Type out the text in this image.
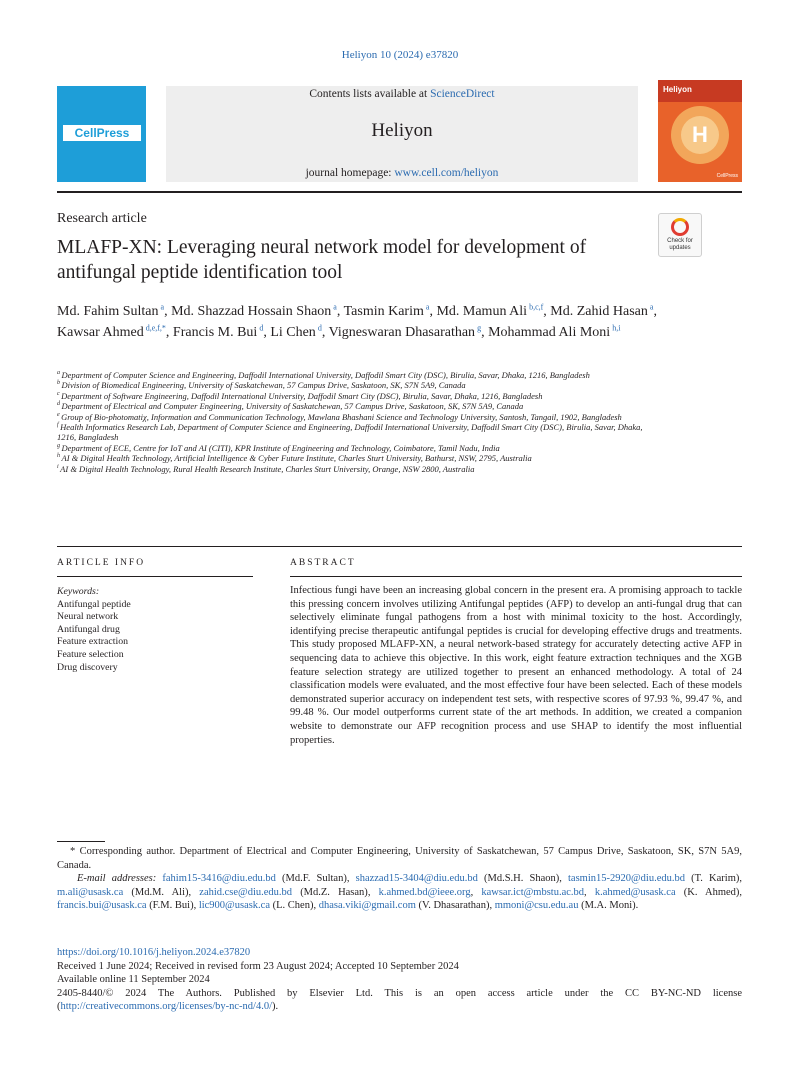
Heliyon 10 (2024) e37820
CellPress
Contents lists available at ScienceDirect
Heliyon
journal homepage: www.cell.com/heliyon
Heliyon
H
CellPress
Research article
MLAFP-XN: Leveraging neural network model for development of antifungal peptide identification tool
Check for updates
Md. Fahim Sultan $^a$, Md. Shazzad Hossain Shaon $^a$, Tasmin Karim $^a$, Md. Mamun Ali $^{b,c,f}$, Md. Zahid Hasan $^a$, Kawsar Ahmed $^{d,e,f,*}$, Francis M. Bui $^d$, Li Chen $^d$, Vigneswaran Dhasarathan $^g$, Mohammad Ali Moni $^{h,i}$
$^a$ Department of Computer Science and Engineering, Daffodil International University, Daffodil Smart City (DSC), Birulia, Savar, Dhaka, 1216, Bangladesh
$^b$ Division of Biomedical Engineering, University of Saskatchewan, 57 Campus Drive, Saskatoon, SK, S7N 5A9, Canada
$^c$ Department of Software Engineering, Daffodil International University, Daffodil Smart City (DSC), Birulia, Savar, Dhaka, 1216, Bangladesh
$^d$ Department of Electrical and Computer Engineering, University of Saskatchewan, 57 Campus Drive, Saskatoon, SK, S7N 5A9, Canada
$^e$ Group of Bio-photomatiχ, Information and Communication Technology, Mawlana Bhashani Science and Technology University, Santosh, Tangail, 1902, Bangladesh
$^f$ Health Informatics Research Lab, Department of Computer Science and Engineering, Daffodil International University, Daffodil Smart City (DSC), Birulia, Savar, Dhaka, 1216, Bangladesh
$^g$ Department of ECE, Centre for IoT and AI (CITI), KPR Institute of Engineering and Technology, Coimbatore, Tamil Nadu, India
$^h$ AI & Digital Health Technology, Artificial Intelligence & Cyber Future Institute, Charles Sturt University, Bathurst, NSW, 2795, Australia
$^i$ AI & Digital Health Technology, Rural Health Research Institute, Charles Sturt University, Orange, NSW 2800, Australia
ARTICLE INFO
Keywords:
Antifungal peptide
Neural network
Antifungal drug
Feature extraction
Feature selection
Drug discovery
ABSTRACT
Infectious fungi have been an increasing global concern in the present era. A promising approach to tackle this pressing concern involves utilizing Antifungal peptides (AFP) to develop an anti-fungal drug that can selectively eliminate fungal pathogens from a host with minimal toxicity to the host. Accordingly, identifying precise therapeutic antifungal peptides is crucial for developing effective drugs and treatments. This study proposed MLAFP-XN, a neural network-based strategy for accurately detecting active AFP in sequencing data to achieve this objective. In this work, eight feature extraction techniques and the XGB feature selection strategy are utilized together to present an enhanced methodology. A total of 24 classification models were evaluated, and the most effective four have been selected. Each of these models demonstrated superior accuracy on independent test sets, with respective scores of 97.93 %, 99.47 %, and 99.48 %. Our model outperforms current state of the art methods. In addition, we created a companion website to demonstrate our AFP recognition process and use SHAP to identify the most influential properties.
* Corresponding author. Department of Electrical and Computer Engineering, University of Saskatchewan, 57 Campus Drive, Saskatoon, SK, S7N 5A9, Canada.
E-mail addresses: fahim15-3416@diu.edu.bd (Md.F. Sultan), shazzad15-3404@diu.edu.bd (Md.S.H. Shaon), tasmin15-2920@diu.edu.bd (T. Karim), m.ali@usask.ca (Md.M. Ali), zahid.cse@diu.edu.bd (Md.Z. Hasan), k.ahmed.bd@ieee.org, kawsar.ict@mbstu.ac.bd, k.ahmed@usask.ca (K. Ahmed), francis.bui@usask.ca (F.M. Bui), lic900@usask.ca (L. Chen), dhasa.viki@gmail.com (V. Dhasarathan), mmoni@csu.edu.au (M.A. Moni).
https://doi.org/10.1016/j.heliyon.2024.e37820
Received 1 June 2024; Received in revised form 23 August 2024; Accepted 10 September 2024
Available online 11 September 2024
2405-8440/© 2024 The Authors. Published by Elsevier Ltd. This is an open access article under the CC BY-NC-ND license (http://creativecommons.org/licenses/by-nc-nd/4.0/).
